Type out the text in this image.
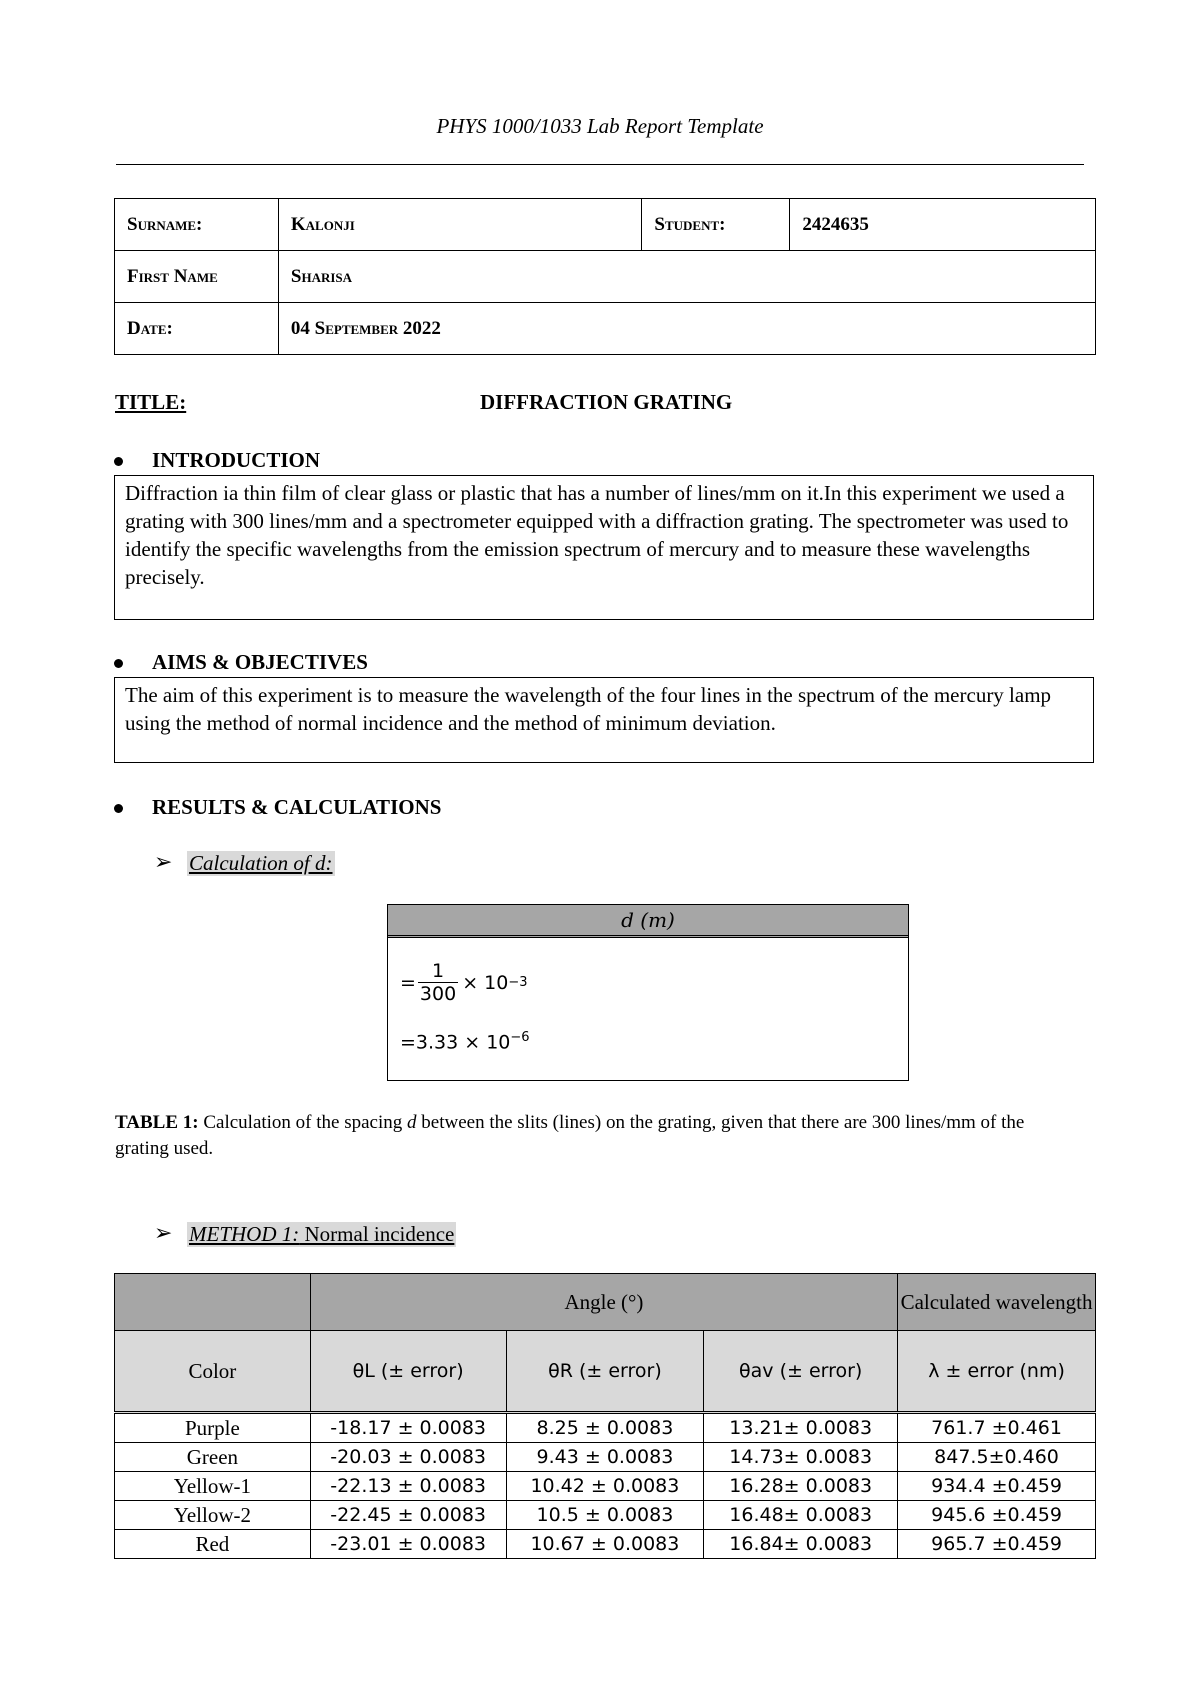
PHYS 1000/1033 Lab Report Template
Surname:	Kalonji	Student:	2424635
First Name	Sharisa		
Date:	04 September 2022		
TITLE:	DIFFRACTION GRATING
INTRODUCTION
Diffraction ia thin film of clear glass or plastic that has a number of lines/mm on it.In this experiment we used a grating with 300 lines/mm and a spectrometer equipped with a diffraction grating. The spectrometer was used to identify the specific wavelengths from the emission spectrum of mercury and to measure these wavelengths precisely.
AIMS & OBJECTIVES
The aim of this experiment is to measure the wavelength of the four lines in the spectrum of the mercury lamp using the method of normal incidence and the method of minimum deviation.
RESULTS & CALCULATIONS
➢ Calculation of d:
d (m)
= $\frac{1}{300} \times 10 -3$
$=3.33 \times 10^{-6}$
TABLE 1: Calculation of the spacing d between the slits (lines) on the grating, given that there are 300 lines/mm of the grating used.
➢ METHOD 1: Normal incidence
	Angle (°)			Calculated wavelength
Color	θL (± error)	θR (± error)	θav (± error)	λ ± error (nm)
Purple	-18.17 ± 0.0083	8.25 ± 0.0083	13.21± 0.0083	761.7 ±0.461
Green	-20.03 ± 0.0083	9.43 ± 0.0083	14.73± 0.0083	847.5±0.460
Yellow-1	-22.13 ± 0.0083	10.42 ± 0.0083	16.28± 0.0083	934.4 ±0.459
Yellow-2	-22.45 ± 0.0083	10.5 ± 0.0083	16.48± 0.0083	945.6 ±0.459
Red	-23.01 ± 0.0083	10.67 ± 0.0083	16.84± 0.0083	965.7 ±0.459
